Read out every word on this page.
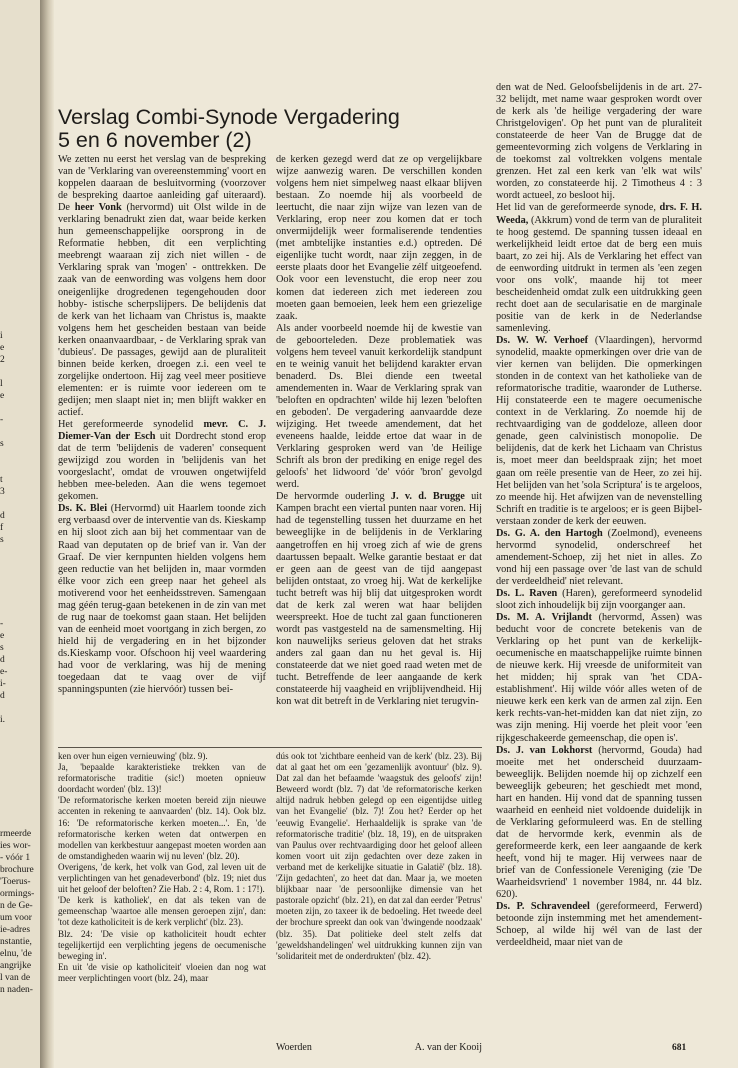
i
e
2
l
e
-
s
t
3
d
f
s
-
e
s
d
e-
i-
d
i.
rmeerde
ies wor-
- vóór 1
brochure
'Toerus-
ormings-
n de Ge-
um voor
ie-adres
nstantie,
elnu, 'de
angrijke
l van de
n naden-
Verslag Combi-Synode Vergadering
5 en 6 november (2)

We zetten nu eerst het verslag van de bespreking van de 'Verklaring van overeenstemming' voort en koppelen daaraan de besluitvorming (voorzover de bespreking daartoe aanleiding gaf uiteraard). De heer Vonk (hervormd) uit Olst wilde in de verklaring benadrukt zien dat, waar beide kerken hun gemeenschappelijke oorsprong in de Reformatie hebben, dit een verplichting meebrengt waaraan zij zich niet willen - de Verklaring sprak van 'mogen' - onttrekken. De zaak van de eenwording was volgens hem door oneigenlijke drogredenen tegengehouden door hobby- istische scherpslijpers. De belijdenis dat de kerk van het lichaam van Christus is, maakte volgens hem het gescheiden bestaan van beide kerken onaanvaardbaar, - de Verklaring sprak van 'dubieus'. De passages, gewijd aan de pluraliteit binnen beide kerken, droegen z.i. een veel te zorgelijke ondertoon. Hij zag veel meer positieve elementen: er is ruimte voor iedereen om te gedijen; men slaapt niet in; men blijft wakker en actief.

Het gereformeerde synodelid mevr. C. J. Diemer-Van der Esch uit Dordrecht stond erop dat de term 'belijdenis de vaderen' consequent gewijzigd zou worden in 'belijdenis van het voorgeslacht', omdat de vrouwen ongetwijfeld hebben mee-beleden. Aan die wens tegemoet gekomen.

Ds. K. Blei (Hervormd) uit Haarlem toonde zich erg verbaasd over de interventie van ds. Kieskamp en hij sloot zich aan bij het commentaar van de Raad van deputaten op de brief van ir. Van der Graaf. De vier kernpunten hielden volgens hem geen reductie van het belijden in, maar vormden élke voor zich een greep naar het geheel als motiverend voor het eenheidsstreven. Samengaan mag géén terug-gaan betekenen in de zin van met de rug naar de toekomst gaan staan. Het belijden van de eenheid moet voortgang in zich bergen, zo hield hij de vergadering en in het bijzonder ds.Kieskamp voor. Ofschoon hij veel waardering had voor de verklaring, was hij de mening toegedaan dat te vaag over de vijf spanningspunten (zie hiervóór) tussen bei-

de kerken gezegd werd dat ze op vergelijkbare wijze aanwezig waren. De verschillen konden volgens hem niet simpelweg naast elkaar blijven bestaan. Zo noemde hij als voorbeeld de leertucht, die naar zijn wijze van lezen van de Verklaring, erop neer zou komen dat er toch onvermijdelijk weer formaliserende tendenties (met ambtelijke instanties e.d.) optreden. Dé eigenlijke tucht wordt, naar zijn zeggen, in de eerste plaats door het Evangelie zélf uitgeoefend. Ook voor een levenstucht, die erop neer zou komen dat iedereen zich met iedereen zou moeten gaan bemoeien, leek hem een griezelige zaak.

Als ander voorbeeld noemde hij de kwestie van de geboorteleden. Deze problematiek was volgens hem teveel vanuit kerkordelijk standpunt en te weinig vanuit het belijdend karakter ervan benaderd. Ds. Blei diende een tweetal amendementen in. Waar de Verklaring sprak van 'beloften en opdrachten' wilde hij lezen 'beloften en geboden'. De vergadering aanvaardde deze wijziging. Het tweede amendement, dat het eveneens haalde, leidde ertoe dat waar in de Verklaring gesproken werd van 'de Heilige Schrift als bron der prediking en enige regel des geloofs' het lidwoord 'de' vóór 'bron' gevolgd werd.

De hervormde ouderling J. v. d. Brugge uit Kampen bracht een viertal punten naar voren. Hij had de tegenstelling tussen het duurzame en het beweeglijke in de belijdenis in de Verklaring aangetroffen en hij vroeg zich af wie de grens daartussen bepaalt. Welke garantie bestaat er dat er geen aan de geest van de tijd aangepast belijden ontstaat, zo vroeg hij. Wat de kerkelijke tucht betreft was hij blij dat uitgesproken wordt dat de kerk zal weren wat haar belijden weerspreekt. Hoe de tucht zal gaan functioneren wordt pas vastgesteld na de samensmelting. Hij kon nauwelijks serieus geloven dat het straks anders zal gaan dan nu het geval is. Hij constateerde dat we niet goed raad weten met de tucht. Betreffende de leer aangaande de kerk constateerde hij vaagheid en vrijblijvendheid. Hij kon wat dit betreft in de Verklaring niet terugvin-

den wat de Ned. Geloofsbelijdenis in de art. 27-32 belijdt, met name waar gesproken wordt over de kerk als 'de heilige vergadering der ware Christgelovigen'. Op het punt van de pluraliteit constateerde de heer Van de Brugge dat de gemeentevorming zich volgens de Verklaring in de toekomst zal voltrekken volgens mentale grenzen. Het zal een kerk van 'elk wat wils' worden, zo constateerde hij. 2 Timotheus 4 : 3 wordt actueel, zo besloot hij.

Het lid van de gereformeerde synode, drs. F. H. Weeda, (Akkrum) vond de term van de pluraliteit te hoog gestemd. De spanning tussen ideaal en werkelijkheid leidt ertoe dat de berg een muis baart, zo zei hij. Als de Verklaring het effect van de eenwording uitdrukt in termen als 'een zegen voor ons volk', maande hij tot meer bescheidenheid omdat zulk een uitdrukking geen recht doet aan de secularisatie en de marginale positie van de kerk in de Nederlandse samenleving.

Ds. W. W. Verhoef (Vlaardingen), hervormd synodelid, maakte opmerkingen over drie van de vier kernen van belijden. Die opmerkingen stonden in de context van het katholieke van de reformatorische traditie, waaronder de Lutherse. Hij constateerde een te magere oecumenische context in de Verklaring. Zo noemde hij de rechtvaardiging van de goddeloze, alleen door genade, geen calvinistisch monopolie. De belijdenis, dat de kerk het Lichaam van Christus is, moet meer dan beeldspraak zijn; het moet gaan om reële presentie van de Heer, zo zei hij. Het belijden van het 'sola Scriptura' is te argeloos, zo meende hij. Het afwijzen van de nevenstelling Schrift en traditie is te argeloos; er is geen Bijbel- verstaan zonder de kerk der eeuwen.

Ds. G. A. den Hartogh (Zoelmond), eveneens hervormd synodelid, onderschreef het amendement-Schoep, zij het niet in alles. Zo vond hij een passage over 'de last van de schuld der verdeeldheid' niet relevant.

Ds. L. Raven (Haren), gereformeerd synodelid sloot zich inhoudelijk bij zijn voorganger aan.

Ds. M. A. Vrijlandt (hervormd, Assen) was beducht voor de concrete betekenis van de Verklaring op het punt van de kerkelijk-oecumenische en maatschappelijke ruimte binnen de nieuwe kerk. Hij vreesde de uniformiteit van het midden; hij sprak van 'het CDA-establishment'. Hij wilde vóór alles weten of de nieuwe kerk een kerk van de armen zal zijn. Een kerk rechts-van-het-midden kan dat niet zijn, zo was zijn mening. Hij voerde het pleit voor 'een rijkgeschakeerde gemeenschap, die open is'.

Ds. J. van Lokhorst (hervormd, Gouda) had moeite met het onderscheid duurzaam-beweeglijk. Belijden noemde hij op zichzelf een beweeglijk gebeuren; het geschiedt met mond, hart en handen. Hij vond dat de spanning tussen waarheid en eenheid niet voldoende duidelijk in de Verklaring geformuleerd was. En de stelling dat de hervormde kerk, evenmin als de gereformeerde kerk, een leer aangaande de kerk heeft, vond hij te mager. Hij verwees naar de brief van de Confessionele Vereniging (zie 'De Waarheidsvriend' 1 november 1984, nr. 44 blz. 620).

Ds. P. Schravendeel (gereformeerd, Ferwerd) betoonde zijn instemming met het amendement-Schoep, al wilde hij wél van de last der verdeeldheid, maar niet van de

ken over hun eigen vernieuwing' (blz. 9).

Ja, 'bepaalde karakteristieke trekken van de reformatorische traditie (sic!) moeten opnieuw doordacht worden' (blz. 13)!

'De reformatorische kerken moeten bereid zijn nieuwe accenten in rekening te aanvaarden' (blz. 14). Ook blz. 16: 'De reformatorische kerken moeten...'. En, 'de reformatorische kerken weten dat ontwerpen en modellen van kerkbestuur aangepast moeten worden aan de omstandigheden waarin wij nu leven' (blz. 20).

Overigens, 'de kerk, het volk van God, zal leven uit de verplichtingen van het genadeverbond' (blz. 19; niet dus uit het geloof der beloften? Zie Hab. 2 : 4, Rom. 1 : 17!).

'De kerk is katholiek', en dat als teken van de gemeenschap 'waartoe alle mensen geroepen zijn', dan: 'tot deze katholiciteit is de kerk verplicht' (blz. 23).

Blz. 24: 'De visie op katholiciteit houdt echter tegelijkertijd een verplichting jegens de oecumenische beweging in'.

En uit 'de visie op katholiciteit' vloeien dan nog wat meer verplichtingen voort (blz. 24), maar

dús ook tot 'zichtbare eenheid van de kerk' (blz. 23). Bij dat al gaat het om een 'gezamenlijk avontuur' (blz. 9). Dat zal dan het befaamde 'waagstuk des geloofs' zijn! Beweerd wordt (blz. 7) dat 'de reformatorische kerken altijd nadruk hebben gelegd op een eigentijdse uitleg van het Evangelie' (blz. 7)! Zou het? Eerder op het 'eeuwig Evangelie'. Herhaaldelijk is sprake van 'de reformatorische traditie' (blz. 18, 19), en de uitspraken van Paulus over rechtvaardiging door het geloof alleen komen voort uit zijn gedachten over deze zaken in verband met de kerkelijke situatie in Galatië' (blz. 18). 'Zijn gedachten', zo heet dat dan. Maar ja, we moeten blijkbaar naar 'de persoonlijke dimensie van het pastorale opzicht' (blz. 21), en dat zal dan eerder 'Petrus' moeten zijn, zo taxeer ik de bedoeling. Het tweede deel der brochure spreekt dan ook van 'dwingende noodzaak' (blz. 35). Dat politieke deel stelt zelfs dat 'geweldshandelingen' wel uitdrukking kunnen zijn van 'solidariteit met de onderdrukten' (blz. 42).

Woerden	A. van der Kooij	681
